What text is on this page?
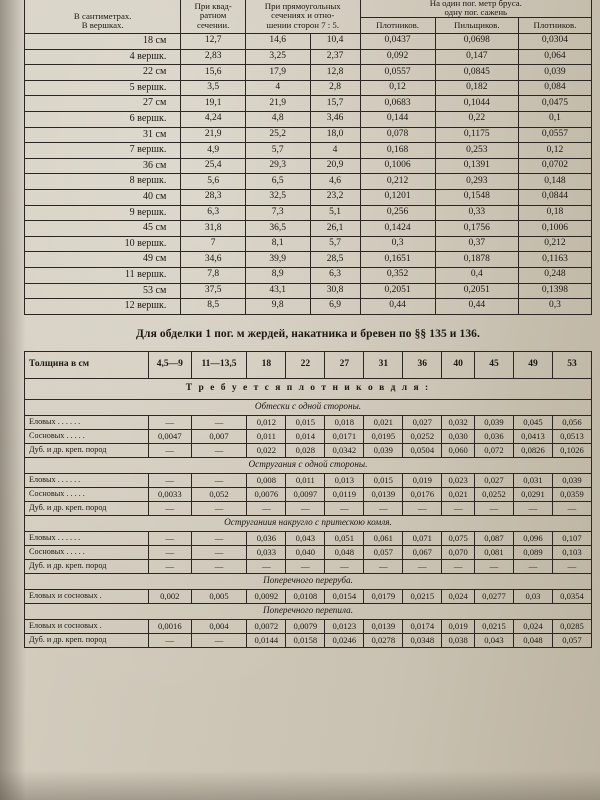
В сантиметрах.
В вершках.

При квад-
ратном
сечении.

При прямоугольных
сечениях и отно-
шении сторон 7 : 5.

На один пог. метр бруса.
одну пог. сажень

				Плотников.	Пильщиков.	Плотников.
18 см	12,7	14,6	10,4	0,0437	0,0698	0,0304
4 вершк.	2,83	3,25	2,37	0,092	0,147	0,064
22 см	15,6	17,9	12,8	0,0557	0,0845	0,039
5 вершк.	3,5	4	2,8	0,12	0,182	0,084
27 см	19,1	21,9	15,7	0,0683	0,1044	0,0475
6 вершк.	4,24	4,8	3,46	0,144	0,22	0,1
31 см	21,9	25,2	18,0	0,078	0,1175	0,0557
7 вершк.	4,9	5,7	4	0,168	0,253	0,12
36 см	25,4	29,3	20,9	0,1006	0,1391	0,0702
8 вершк.	5,6	6,5	4,6	0,212	0,293	0,148
40 см	28,3	32,5	23,2	0,1201	0,1548	0,0844
9 вершк.	6,3	7,3	5,1	0,256	0,33	0,18
45 см	31,8	36,5	26,1	0,1424	0,1756	0,1006
10 вершк.	7	8,1	5,7	0,3	0,37	0,212
49 см	34,6	39,9	28,5	0,1651	0,1878	0,1163
11 вершк.	7,8	8,9	6,3	0,352	0,4	0,248
53 см	37,5	43,1	30,8	0,2051	0,2051	0,1398
12 вершк.	8,5	9,8	6,9	0,44	0,44	0,3
Для обделки 1 пог. м жердей, накатника и бревен по §§ 135 и 136.
Толщина в см	4,5—9	11—13,5	18	22	27	31	36	40	45	49	53
Т р е б у е т с я п л о т н и к о в д л я :											
Обтески с одной стороны.											
Еловых . . . . . .	—	—	0,012	0,015	0,018	0,021	0,027	0,032	0,039	0,045	0,056
Сосновых . . . . .	0,0047	0,007	0,011	0,014	0,0171	0,0195	0,0252	0,030	0,036	0,0413	0,0513
Дуб. и др. креп. пород	—	—	0,022	0,028	0,0342	0,039	0,0504	0,060	0,072	0,0826	0,1026
Остругания с одной стороны.											
Еловых . . . . . .	—	—	0,008	0,011	0,013	0,015	0,019	0,023	0,027	0,031	0,039
Сосновых . . . . .	0,0033	0,052	0,0076	0,0097	0,0119	0,0139	0,0176	0,021	0,0252	0,0291	0,0359
Дуб. и др. креп. пород	—	—	—	—	—	—	—	—	—	—	—
Оструганиия накругло с притескою комля.											
Еловых . . . . . .	—	—	0,036	0,043	0,051	0,061	0,071	0,075	0,087	0,096	0,107
Сосновых . . . . .	—	—	0,033	0,040	0,048	0,057	0,067	0,070	0,081	0,089	0,103
Дуб. и др. креп. пород	—	—	—	—	—	—	—	—	—	—	—
Поперечного перерубa.											
Еловых и сосновых .	0,002	0,005	0,0092	0,0108	0,0154	0,0179	0,0215	0,024	0,0277	0,03	0,0354
Поперечного перепила.											
Еловых и сосновых .	0,0016	0,004	0,0072	0,0079	0,0123	0,0139	0,0174	0,019	0,0215	0,024	0,0285
Дуб. и др. креп. пород	—	—	0,0144	0,0158	0,0246	0,0278	0,0348	0,038	0,043	0,048	0,057
